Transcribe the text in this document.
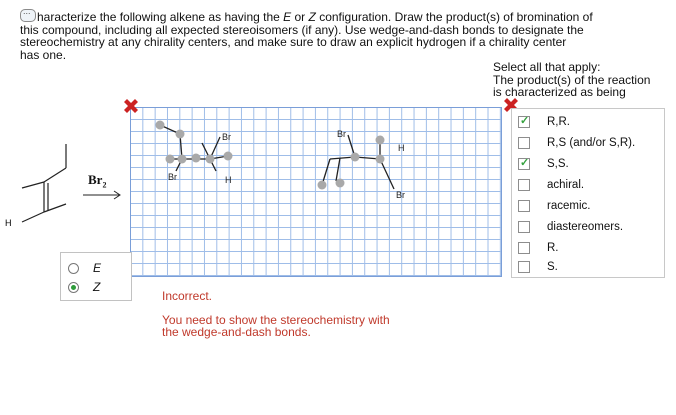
...haracterize the following alkene as having the E or Z configuration. Draw the product(s) of bromination of
this compound, including all expected stereoisomers (if any). Use wedge-and-dash bonds to designate the
stereochemistry at any chirality centers, and make sure to draw an explicit hydrogen if a chirality center
has one.
Select all that apply:
The product(s) of the reaction
is characterized as being
H
$Br_2$
Br
Br	H
Br
H
Br
E
Z
✓
R,R.
R,S (and/or S,R).
✓
S,S.
achiral.
racemic.
diastereomers.
R.
S.
Incorrect.
You need to show the stereochemistry with
the wedge-and-dash bonds.
